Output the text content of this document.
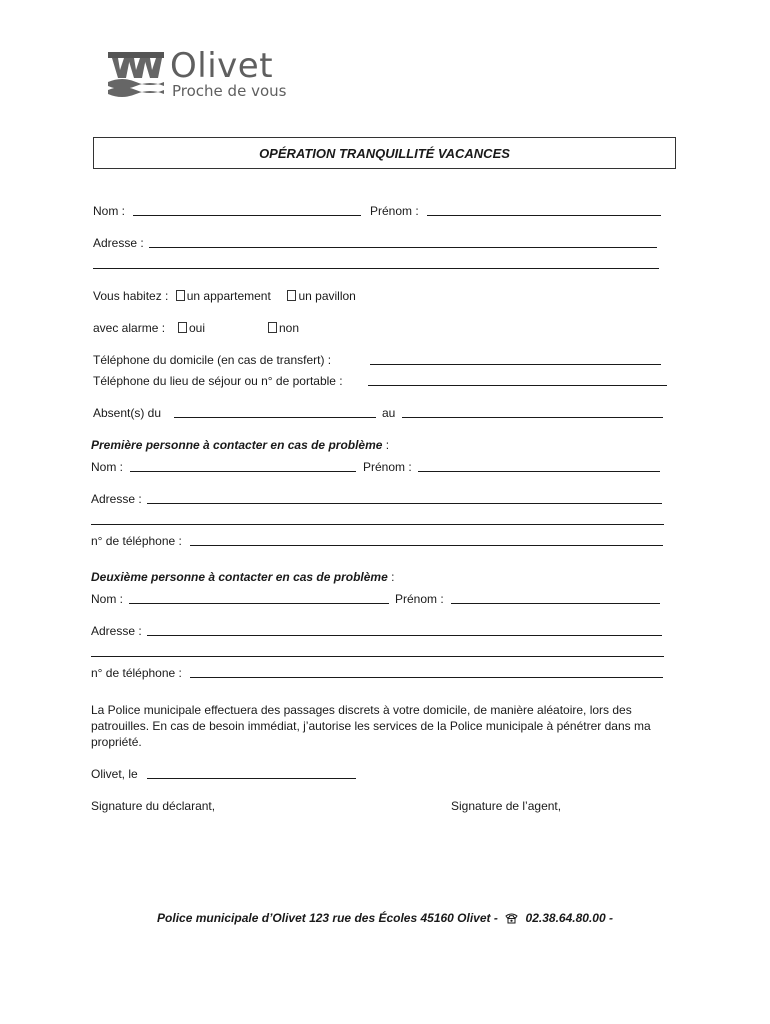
Olivet
Proche de vous
OPÉRATION TRANQUILLITÉ VACANCES
Nom :	Prénom :
Adresse :
Vous habitez : un appartement un pavillon
avec alarme :	oui	non
Téléphone du domicile (en cas de transfert) :
Téléphone du lieu de séjour ou n° de portable :
Absent(s) du	au
Première personne à contacter en cas de problème :
Nom :	Prénom :
Adresse :
n° de téléphone :
Deuxième personne à contacter en cas de problème :
Nom :	Prénom :
Adresse :
n° de téléphone :
La Police municipale effectuera des passages discrets à votre domicile, de manière aléatoire, lors des patrouilles. En cas de besoin immédiat, j’autorise les services de la Police municipale à pénétrer dans ma propriété.
Olivet, le
Signature du déclarant,	Signature de l’agent,
Police municipale d’Olivet 123 rue des Écoles 45160 Olivet - 02.38.64.80.00 -
